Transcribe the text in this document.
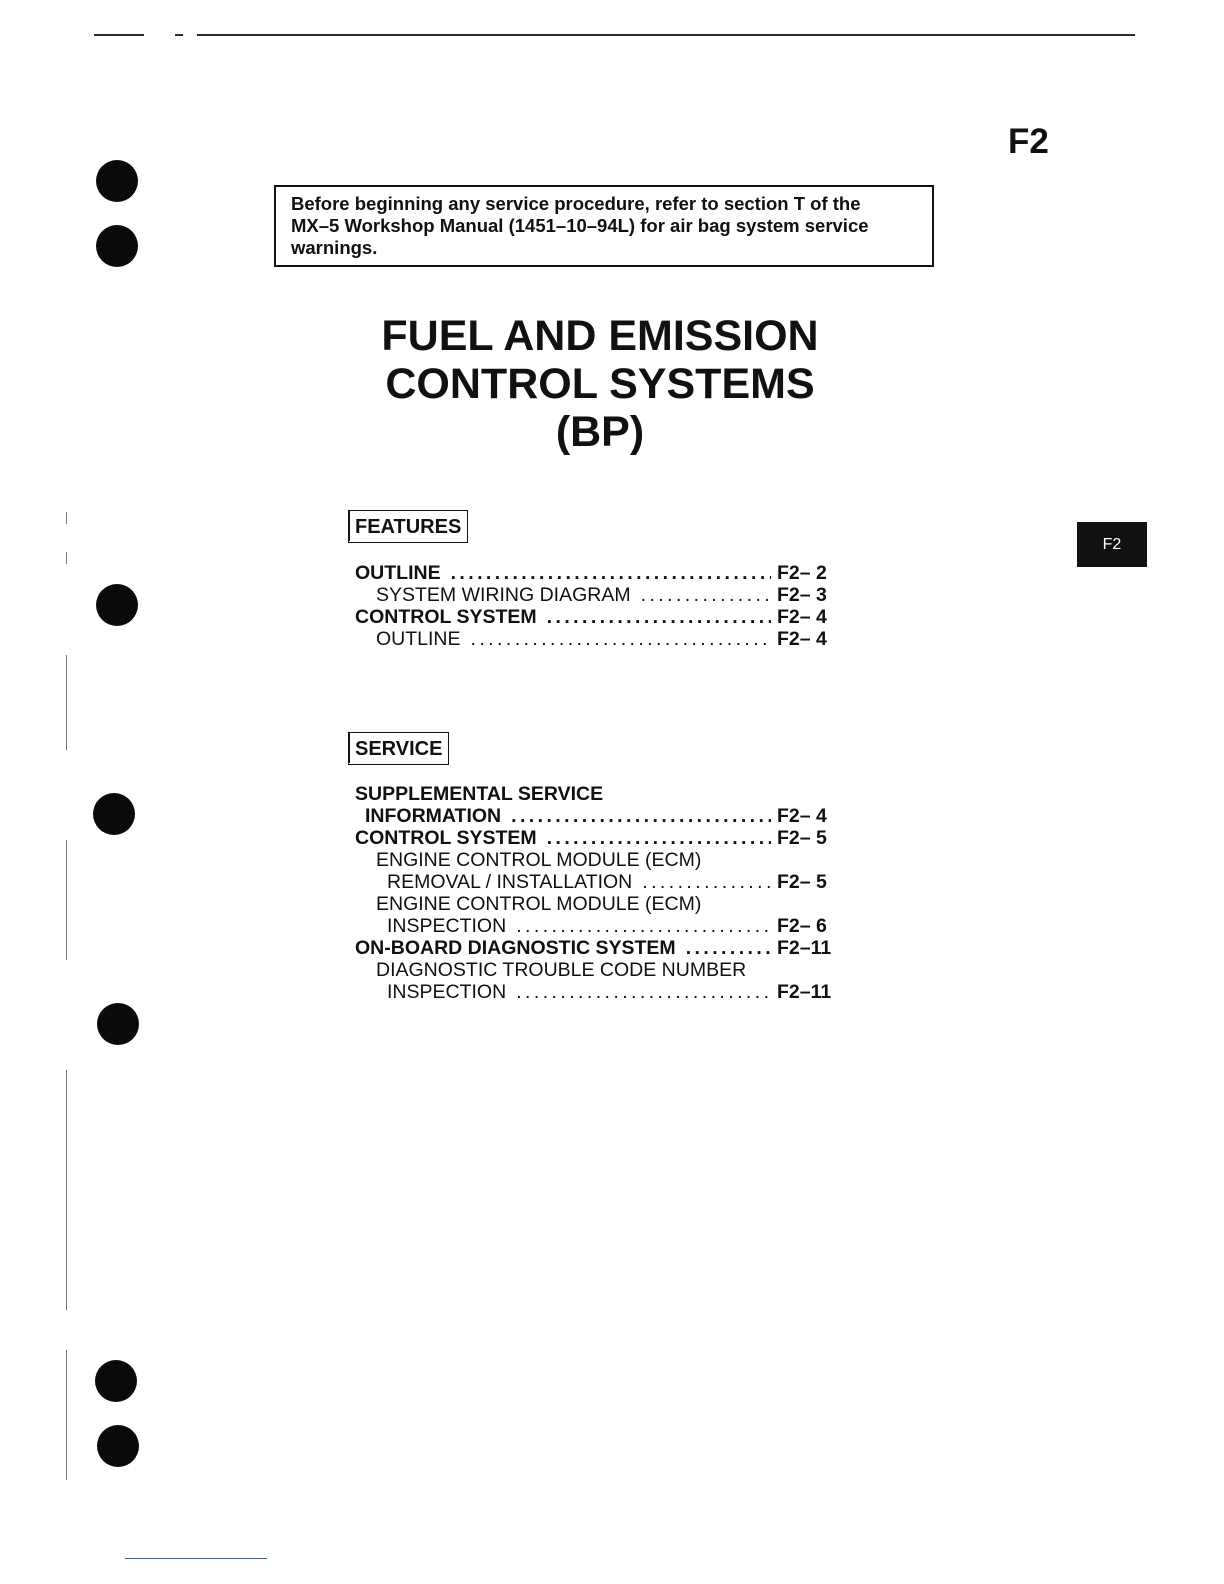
F2
Before beginning any service procedure, refer to section T of the
MX–5 Workshop Manual (1451–10–94L) for air bag system service
warnings.
FUEL AND EMISSION
CONTROL SYSTEMS
(BP)
F2
FEATURES
OUTLINE . . .	F2– 2
SYSTEM WIRING DIAGRAM . . .	F2– 3
CONTROL SYSTEM . . .	F2– 4
OUTLINE . . .	F2– 4
SERVICE
SUPPLEMENTAL SERVICE
INFORMATION . . .	F2– 4
CONTROL SYSTEM . . .	F2– 5
ENGINE CONTROL MODULE (ECM)
REMOVAL / INSTALLATION . . .	F2– 5
ENGINE CONTROL MODULE (ECM)
INSPECTION . . .	F2– 6
ON-BOARD DIAGNOSTIC SYSTEM . . .	F2–11
DIAGNOSTIC TROUBLE CODE NUMBER
INSPECTION . . .	F2–11
